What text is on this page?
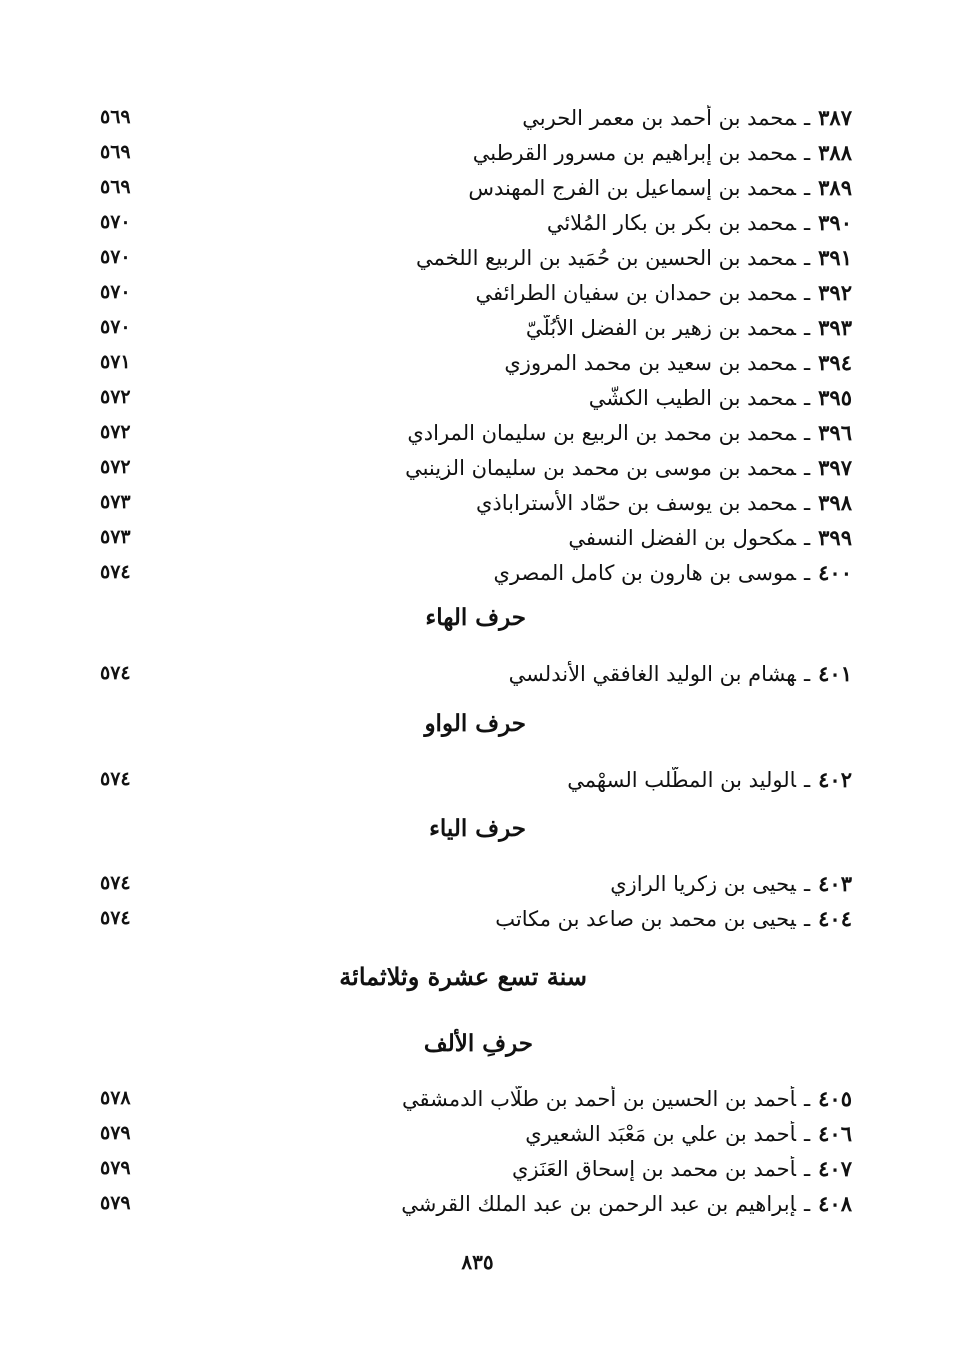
٣٨٧ـمحمد بن أحمد بن معمر الحربي
٥٦٩
٣٨٨ـمحمد بن إبراهيم بن مسرور القرطبي
٥٦٩
٣٨٩ـمحمد بن إسماعيل بن الفرج المهندس
٥٦٩
٣٩٠ـمحمد بن بكر بن بكار المُلائي
٥٧٠
٣٩١ـمحمد بن الحسين بن حُمَيد بن الربيع اللخمي
٥٧٠
٣٩٢ـمحمد بن حمدان بن سفيان الطرائفي
٥٧٠
٣٩٣ـمحمد بن زهير بن الفضل الأُبُلّيّ
٥٧٠
٣٩٤ـمحمد بن سعيد بن محمد المروزي
٥٧١
٣٩٥ـمحمد بن الطيب الكشّي
٥٧٢
٣٩٦ـمحمد بن محمد بن الربيع بن سليمان المرادي
٥٧٢
٣٩٧ـمحمد بن موسى بن محمد بن سليمان الزينبي
٥٧٢
٣٩٨ـمحمد بن يوسف بن حمّاد الأستراباذي
٥٧٣
٣٩٩ـمكحول بن الفضل النسفي
٥٧٣
٤٠٠ـموسى بن هارون بن كامل المصري
٥٧٤
حرف الهاء
٤٠١ـهشام بن الوليد الغافقي الأندلسي
٥٧٤
حرف الواو
٤٠٢ـالوليد بن المطّلب السهْمي
٥٧٤
حرف الياء
٤٠٣ـيحيى بن زكريا الرازي
٥٧٤
٤٠٤ـيحيى بن محمد بن صاعد بن مكاتب
٥٧٤
سنة تسع عشرة وثلاثمائة
حرفِ الألف
٤٠٥ـأحمد بن الحسين بن أحمد بن طلّاب الدمشقي
٥٧٨
٤٠٦ـأحمد بن علي بن مَعْبَد الشعيري
٥٧٩
٤٠٧ـأحمد بن محمد بن إسحاق العَنَزي
٥٧٩
٤٠٨ـإبراهيم بن عبد الرحمن بن عبد الملك القرشي
٥٧٩
٨٣٥
